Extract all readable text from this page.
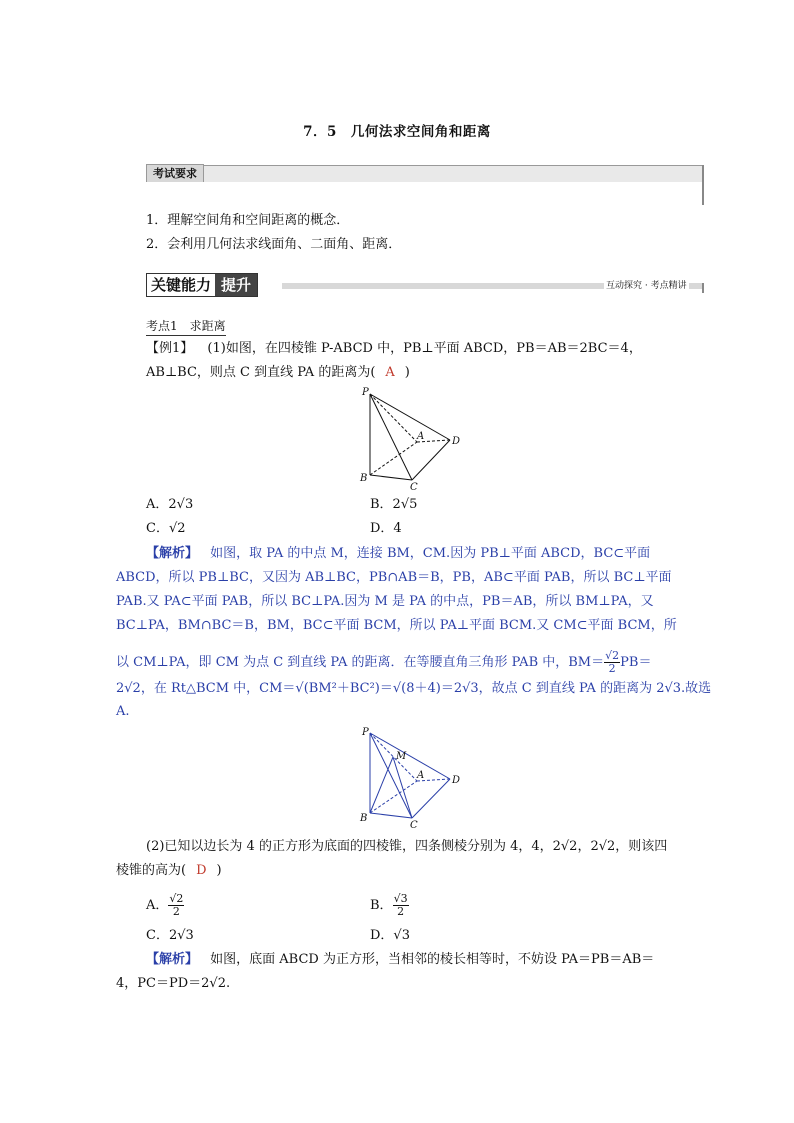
7．5　几何法求空间角和距离
考试要求
1．理解空间角和空间距离的概念．
2．会利用几何法求线面角、二面角、距离．
关键能力 提升	互动探究 · 考点精讲
考点1　求距离
【例1】 (1)如图，在四棱锥 P-ABCD 中，PB⊥平面 ABCD，PB＝AB＝2BC＝4，
AB⊥BC，则点 C 到直线 PA 的距离为( A )
P
A	D
B
C
A．2√3	B．2√5
C．√2	D．4
【解析】 如图，取 PA 的中点 M，连接 BM，CM.因为 PB⊥平面 ABCD，BC⊂平面
ABCD，所以 PB⊥BC，又因为 AB⊥BC，PB∩AB＝B，PB，AB⊂平面 PAB，所以 BC⊥平面
PAB.又 PA⊂平面 PAB，所以 BC⊥PA.因为 M 是 PA 的中点，PB＝AB，所以 BM⊥PA，又
BC⊥PA，BM∩BC＝B，BM，BC⊂平面 BCM，所以 PA⊥平面 BCM.又 CM⊂平面 BCM，所
以 CM⊥PA，即 CM 为点 C 到直线 PA 的距离．在等腰直角三角形 PAB 中，$BM= \frac{√2}{2} PB=$
2√2，在 Rt△BCM 中，CM＝√(BM²＋BC²)＝√(8＋4)＝2√3，故点 C 到直线 PA 的距离为 2√3.故选
A.
P
M
A	D
B
C
(2)已知以边长为 4 的正方形为底面的四棱锥，四条侧棱分别为 4，4，2√2，2√2，则该四
棱锥的高为( D )
A． $\frac{√2}{2}$	B． $\frac{√3}{2}$
C．2√3	D．√3
【解析】 如图，底面 ABCD 为正方形，当相邻的棱长相等时，不妨设 PA＝PB＝AB＝
4，PC＝PD＝2√2.
